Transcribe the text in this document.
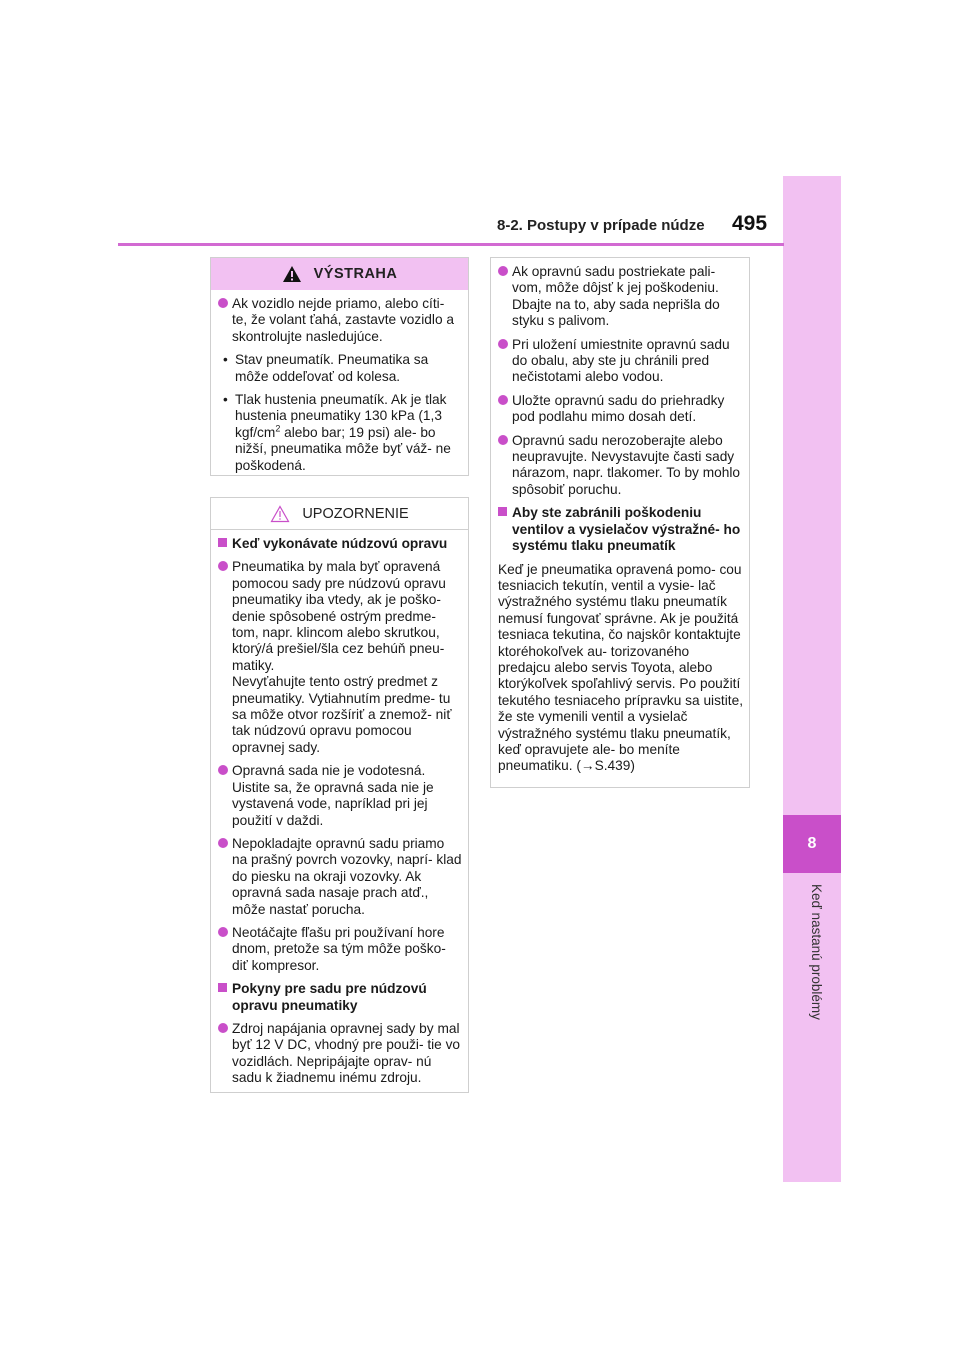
8
Keď nastanú problémy
8-2. Postupy v prípade núdze 495
VÝSTRAHA
Ak vozidlo nejde priamo, alebo cíti- te, že volant ťahá, zastavte vozidlo a skontrolujte nasledujúce.
• Stav pneumatík. Pneumatika sa môže oddeľovať od kolesa.
• Tlak hustenia pneumatík. Ak je tlak hustenia pneumatiky 130 kPa (1,3 kgf/$cm^2$ alebo bar; 19 psi) ale- bo nižší, pneumatika môže byť váž- ne poškodená.
UPOZORNENIE
Keď vykonávate núdzovú opravu
Pneumatika by mala byť opravená pomocou sady pre núdzovú opravu pneumatiky iba vtedy, ak je poško- denie spôsobené ostrým predme- tom, napr. klincom alebo skrutkou, ktorý/á prešiel/šla cez behúň pneu- matiky.
Nevyťahujte tento ostrý predmet z pneumatiky. Vytiahnutím predme- tu sa môže otvor rozšíriť a znemož- niť tak núdzovú opravu pomocou opravnej sady.
Opravná sada nie je vodotesná. Uistite sa, že opravná sada nie je vystavená vode, napríklad pri jej použití v daždi.
Nepokladajte opravnú sadu priamo na prašný povrch vozovky, naprí- klad do piesku na okraji vozovky. Ak opravná sada nasaje prach atď., môže nastať porucha.
Neotáčajte fľašu pri používaní hore dnom, pretože sa tým môže poško- diť kompresor.
Pokyny pre sadu pre núdzovú opravu pneumatiky
Zdroj napájania opravnej sady by mal byť 12 V DC, vhodný pre použi- tie vo vozidlách. Nepripájajte oprav- nú sadu k žiadnemu inému zdroju.
Ak opravnú sadu postriekate pali- vom, môže dôjsť k jej poškodeniu. Dbajte na to, aby sada neprišla do styku s palivom.
Pri uložení umiestnite opravnú sadu do obalu, aby ste ju chránili pred nečistotami alebo vodou.
Uložte opravnú sadu do priehradky pod podlahu mimo dosah detí.
Opravnú sadu nerozoberajte alebo neupravujte. Nevystavujte časti sady nárazom, napr. tlakomer. To by mohlo spôsobiť poruchu.
Aby ste zabránili poškodeniu ventilov a vysielačov výstražné- ho systému tlaku pneumatík
Keď je pneumatika opravená pomo- cou tesniacich tekutín, ventil a vysie- lač výstražného systému tlaku pneumatík nemusí fungovať správne. Ak je použitá tesniaca tekutina, čo najskôr kontaktujte ktoréhokoľvek au- torizovaného predajcu alebo servis Toyota, alebo ktorýkoľvek spoľahlivý servis. Po použití tekutého tesniaceho prípravku sa uistite, že ste vymenili ventil a vysielač výstražného systému tlaku pneumatík, keď opravujete ale- bo meníte pneumatiku. (→S.439)
